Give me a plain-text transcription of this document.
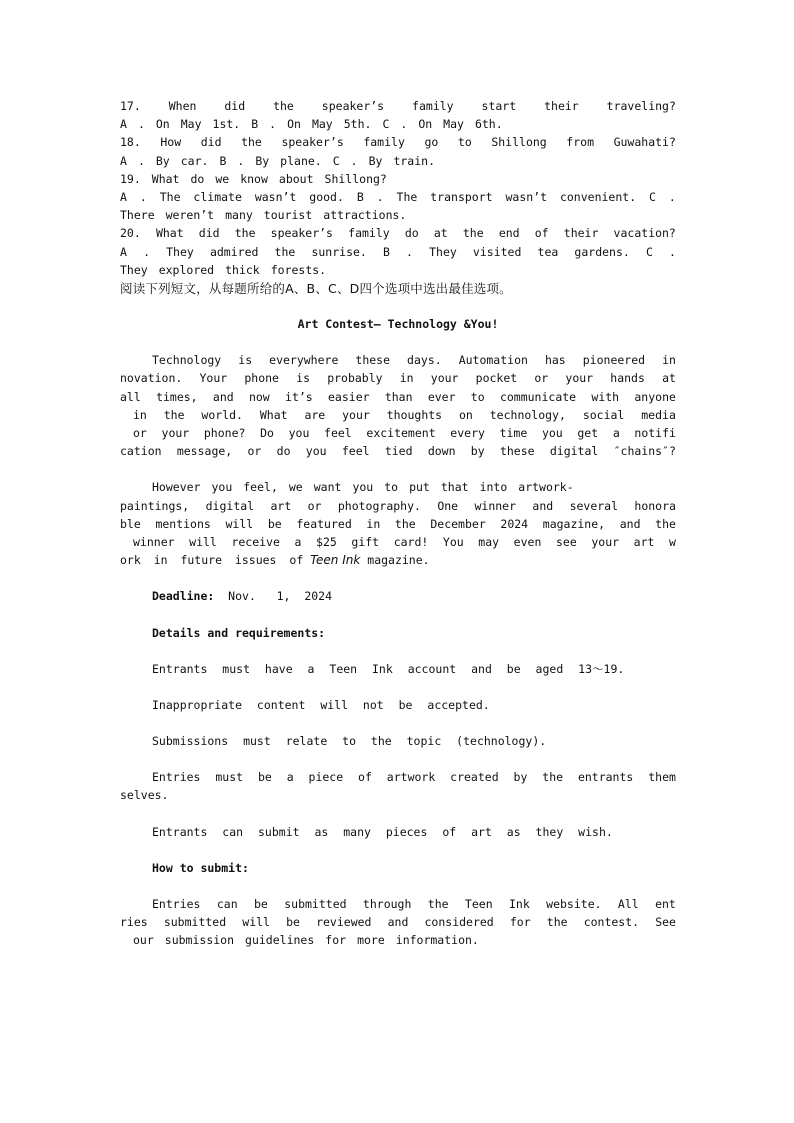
17. When did the speaker’s family start their traveling?
A . On May 1st. B . On May 5th. C . On May 6th.
18. How did the speaker’s family go to Shillong from Guwahati?
A . By car. B . By plane. C . By train.
19. What do we know about Shillong?
A . The climate wasn’t good. B . The transport wasn’t convenient. C .
There weren’t many tourist attractions.
20. What did the speaker’s family do at the end of their vacation?
A . They admired the sunrise. B . They visited tea gardens. C .
They explored thick forests.
阅读下列短文，从每题所给的A、B、C、D四个选项中选出最佳选项。
Art Contest— Technology &You!
Technology is everywhere these days. Automation has pioneered in
novation. Your phone is probably in your pocket or your hands at
all times, and now it’s easier than ever to communicate with anyone
in the world. What are your thoughts on technology, social media
or your phone? Do you feel excitement every time you get a notifi
cation message, or do you feel tied down by these digital ″chains″?
However you feel, we want you to put that into artwork-
paintings, digital art or photography. One winner and several honora
ble mentions will be featured in the December 2024 magazine, and the
winner will receive a $25 gift card! You may even see your art w
ork in future issues of Teen Ink magazine.
Deadline: Nov.   1,  2024
Details and requirements:
Entrants must have a Teen Ink account and be aged 13～19.
Inappropriate content will not be accepted.
Submissions must relate to the topic (technology).
Entries must be a piece of artwork created by the entrants them
selves.
Entrants can submit as many pieces of art as they wish.
How to submit:
Entries can be submitted through the Teen Ink website. All ent
ries submitted will be reviewed and considered for the contest. See
our submission guidelines for more information.
